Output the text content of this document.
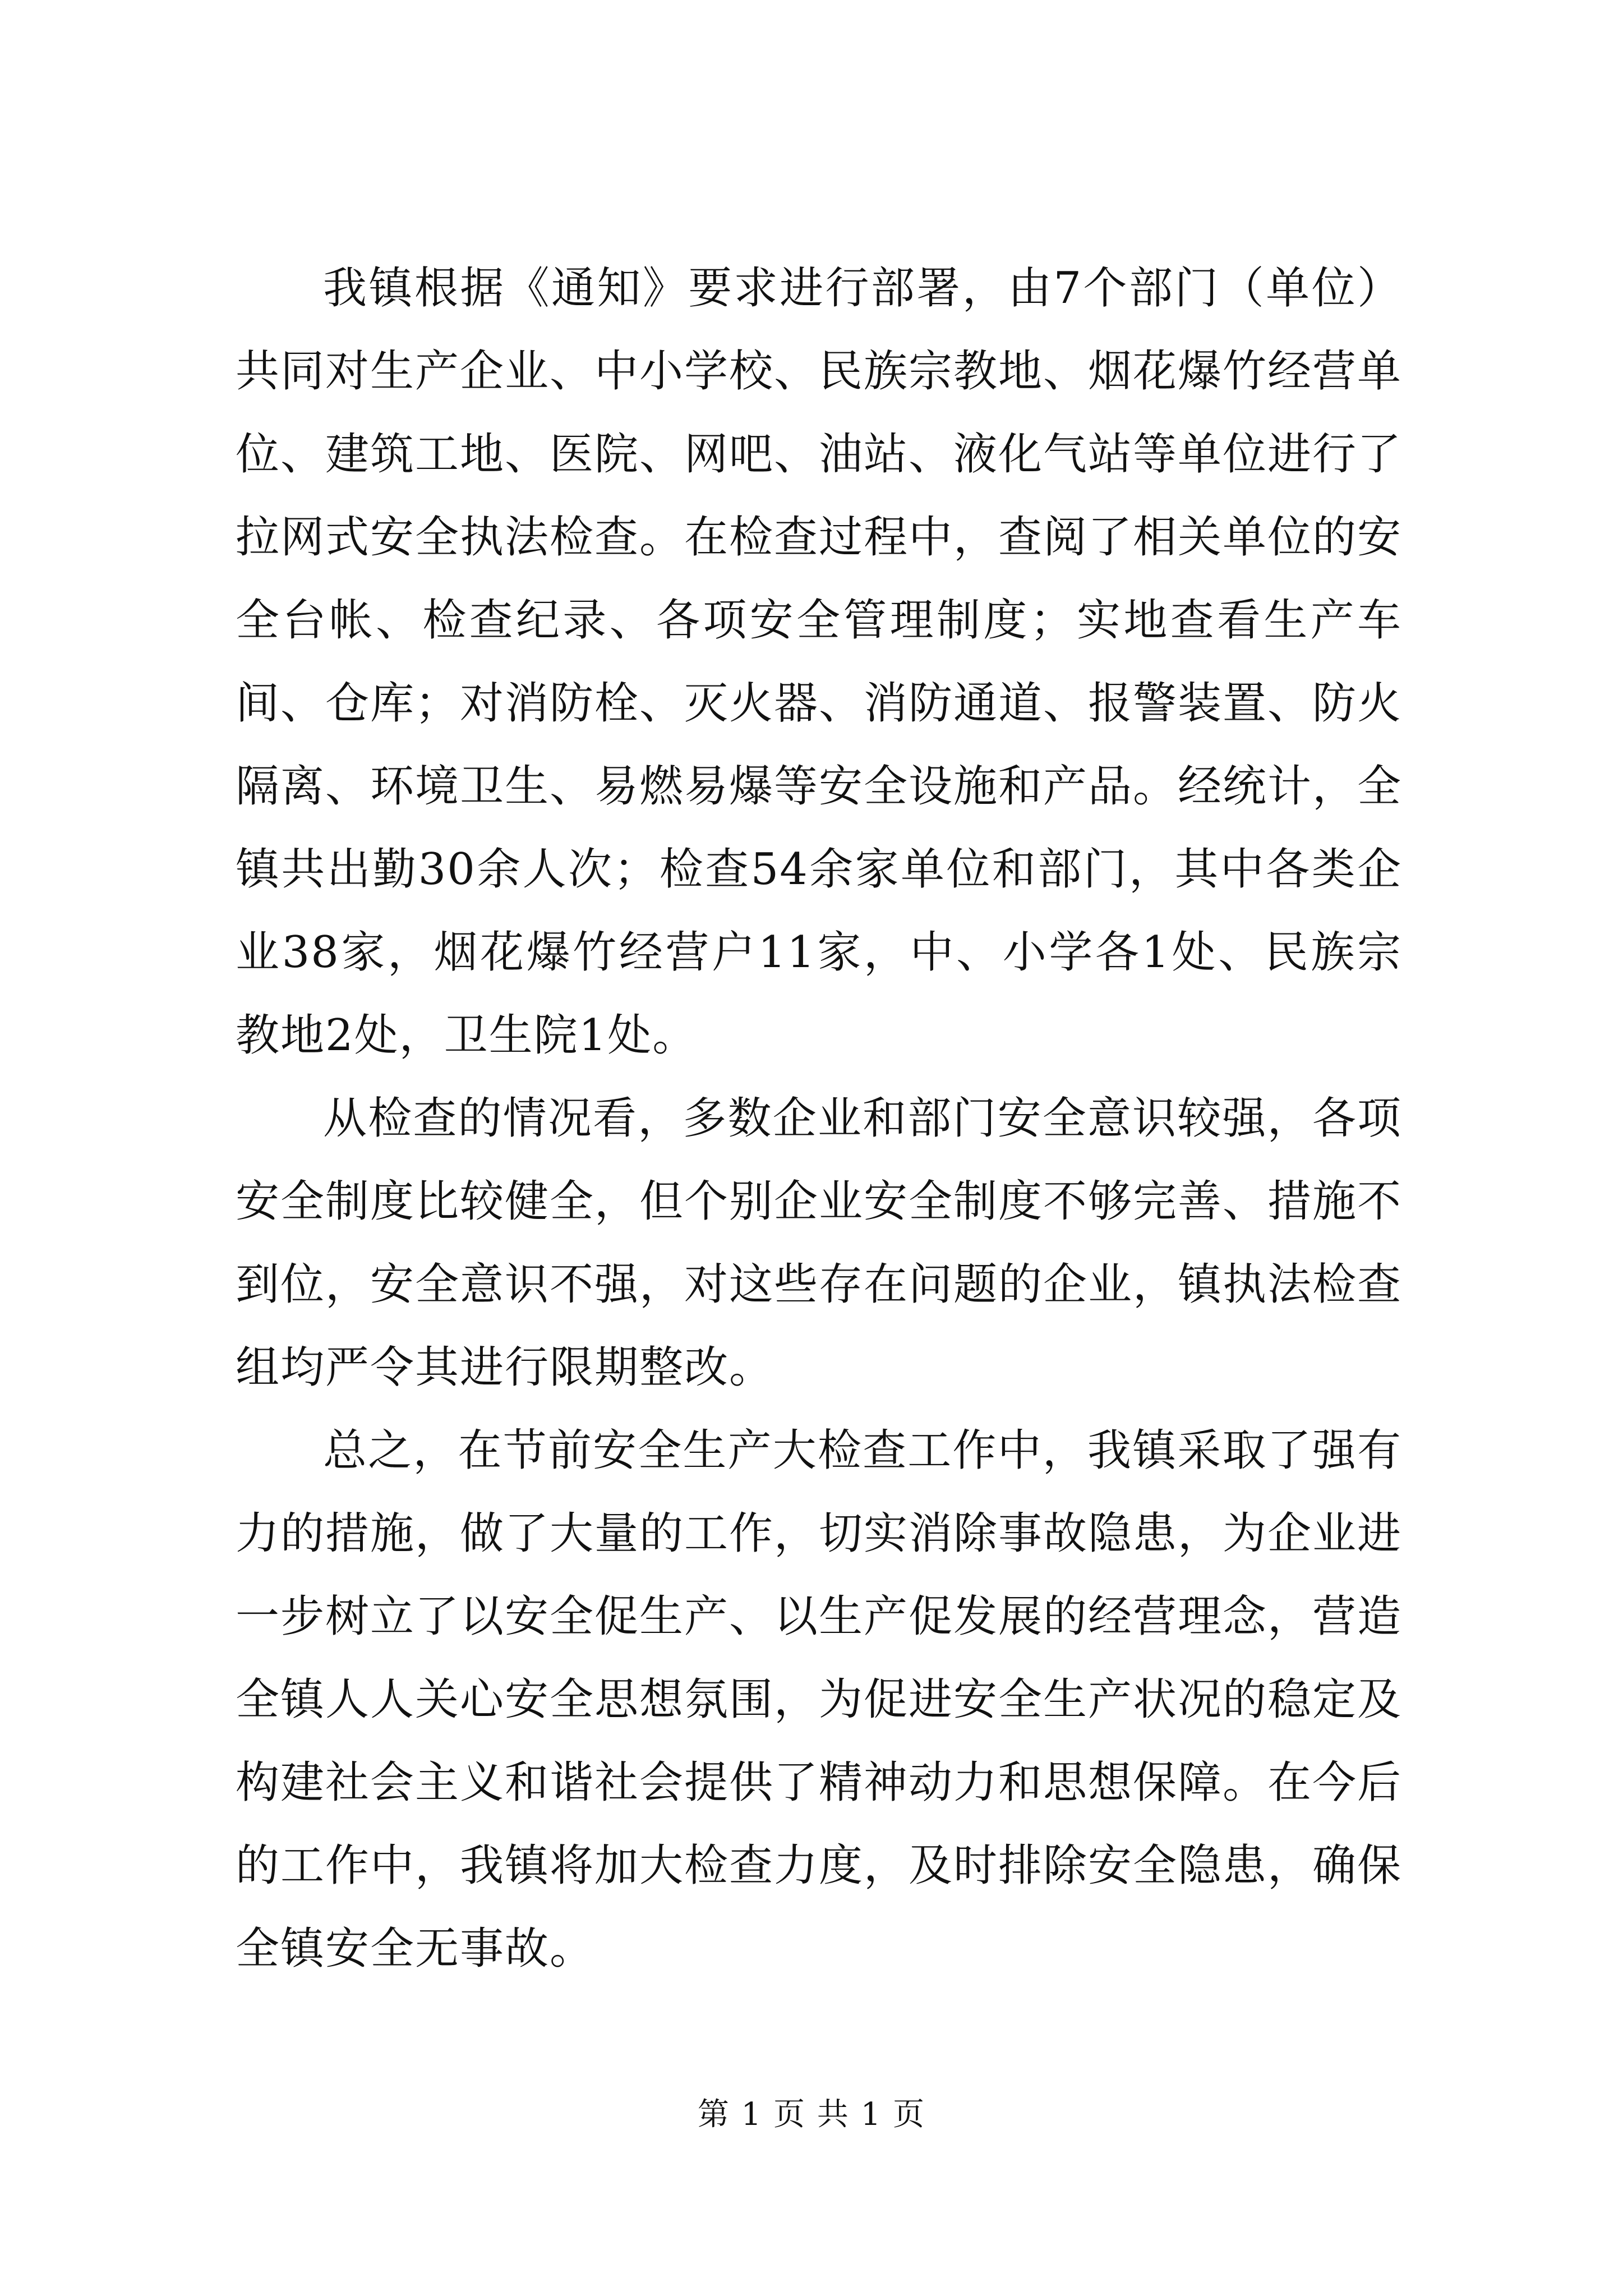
我镇根据《通知》要求进行部署，由7个部门（单位）共同对生产企业、中小学校、民族宗教地、烟花爆竹经营单位、建筑工地、医院、网吧、油站、液化气站等单位进行了拉网式安全执法检查。在检查过程中，查阅了相关单位的安全台帐、检查纪录、各项安全管理制度；实地查看生产车间、仓库；对消防栓、灭火器、消防通道、报警装置、防火隔离、环境卫生、易燃易爆等安全设施和产品。经统计，全镇共出勤30余人次；检查54余家单位和部门，其中各类企业38家，烟花爆竹经营户11家，中、小学各1处、民族宗教地2处，卫生院1处。

从检查的情况看，多数企业和部门安全意识较强，各项安全制度比较健全，但个别企业安全制度不够完善、措施不到位，安全意识不强，对这些存在问题的企业，镇执法检查组均严令其进行限期整改。

总之，在节前安全生产大检查工作中，我镇采取了强有力的措施，做了大量的工作，切实消除事故隐患，为企业进一步树立了以安全促生产、以生产促发展的经营理念，营造全镇人人关心安全思想氛围，为促进安全生产状况的稳定及构建社会主义和谐社会提供了精神动力和思想保障。在今后的工作中，我镇将加大检查力度，及时排除安全隐患，确保全镇安全无事故。

第 1 页 共 1 页
